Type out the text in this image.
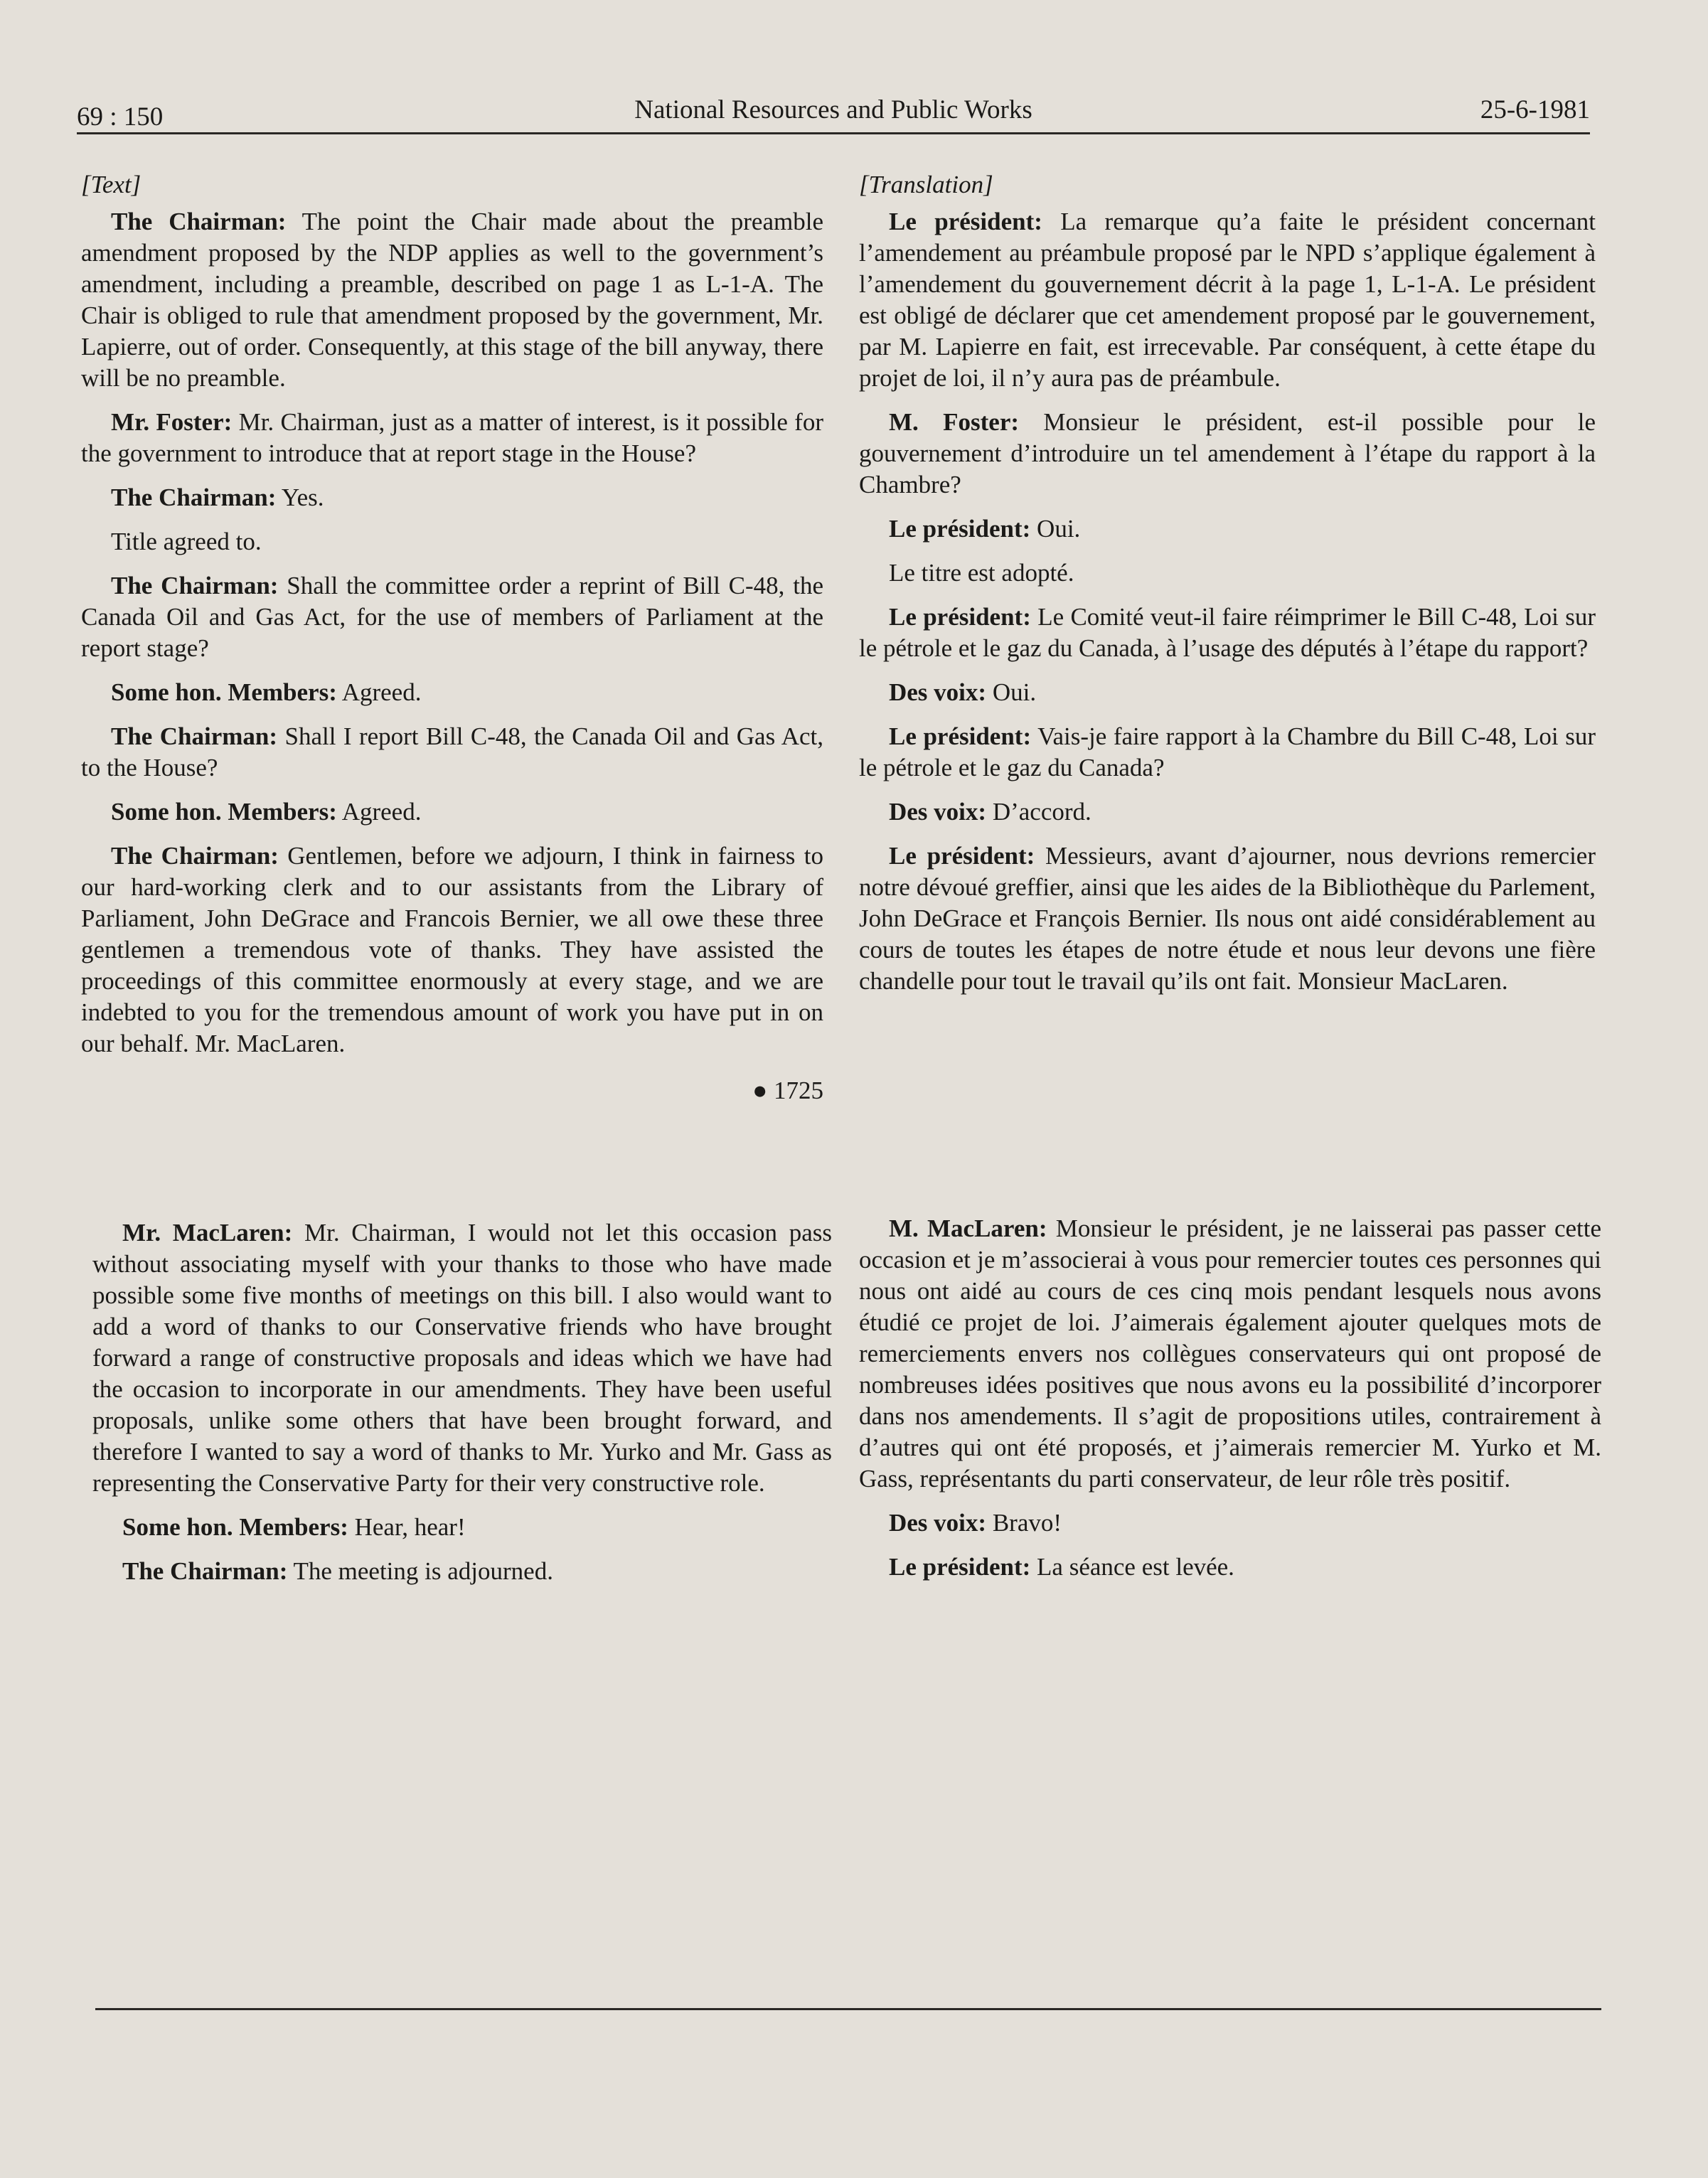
69 : 150	National Resources and Public Works	25-6-1981

[Text]

The Chairman: The point the Chair made about the preamble amendment proposed by the NDP applies as well to the government’s amendment, including a preamble, described on page 1 as L-1-A. The Chair is obliged to rule that amendment proposed by the government, Mr. Lapierre, out of order. Consequently, at this stage of the bill anyway, there will be no preamble.

Mr. Foster: Mr. Chairman, just as a matter of interest, is it possible for the government to introduce that at report stage in the House?

The Chairman: Yes.

Title agreed to.

The Chairman: Shall the committee order a reprint of Bill C-48, the Canada Oil and Gas Act, for the use of members of Parliament at the report stage?

Some hon. Members: Agreed.

The Chairman: Shall I report Bill C-48, the Canada Oil and Gas Act, to the House?

Some hon. Members: Agreed.

The Chairman: Gentlemen, before we adjourn, I think in fairness to our hard-working clerk and to our assistants from the Library of Parliament, John DeGrace and Francois Bernier, we all owe these three gentlemen a tremendous vote of thanks. They have assisted the proceedings of this committee enormously at every stage, and we are indebted to you for the tremendous amount of work you have put in on our behalf. Mr. MacLaren.

● 1725

Mr. MacLaren: Mr. Chairman, I would not let this occasion pass without associating myself with your thanks to those who have made possible some five months of meetings on this bill. I also would want to add a word of thanks to our Conservative friends who have brought forward a range of constructive proposals and ideas which we have had the occasion to incorporate in our amendments. They have been useful proposals, unlike some others that have been brought forward, and therefore I wanted to say a word of thanks to Mr. Yurko and Mr. Gass as representing the Conservative Party for their very constructive role.

Some hon. Members: Hear, hear!

The Chairman: The meeting is adjourned.

[Translation]

Le président: La remarque qu’a faite le président concernant l’amendement au préambule proposé par le NPD s’applique également à l’amendement du gouvernement décrit à la page 1, L-1-A. Le président est obligé de déclarer que cet amendement proposé par le gouvernement, par M. Lapierre en fait, est irrecevable. Par conséquent, à cette étape du projet de loi, il n’y aura pas de préambule.

M. Foster: Monsieur le président, est-il possible pour le gouvernement d’introduire un tel amendement à l’étape du rapport à la Chambre?

Le président: Oui.

Le titre est adopté.

Le président: Le Comité veut-il faire réimprimer le Bill C-48, Loi sur le pétrole et le gaz du Canada, à l’usage des députés à l’étape du rapport?

Des voix: Oui.

Le président: Vais-je faire rapport à la Chambre du Bill C-48, Loi sur le pétrole et le gaz du Canada?

Des voix: D’accord.

Le président: Messieurs, avant d’ajourner, nous devrions remercier notre dévoué greffier, ainsi que les aides de la Bibliothèque du Parlement, John DeGrace et François Bernier. Ils nous ont aidé considérablement au cours de toutes les étapes de notre étude et nous leur devons une fière chandelle pour tout le travail qu’ils ont fait. Monsieur MacLaren.

M. MacLaren: Monsieur le président, je ne laisserai pas passer cette occasion et je m’associerai à vous pour remercier toutes ces personnes qui nous ont aidé au cours de ces cinq mois pendant lesquels nous avons étudié ce projet de loi. J’aimerais également ajouter quelques mots de remerciements envers nos collègues conservateurs qui ont proposé de nombreuses idées positives que nous avons eu la possibilité d’incorporer dans nos amendements. Il s’agit de propositions utiles, contrairement à d’autres qui ont été proposés, et j’aimerais remercier M. Yurko et M. Gass, représentants du parti conservateur, de leur rôle très positif.

Des voix: Bravo!

Le président: La séance est levée.
